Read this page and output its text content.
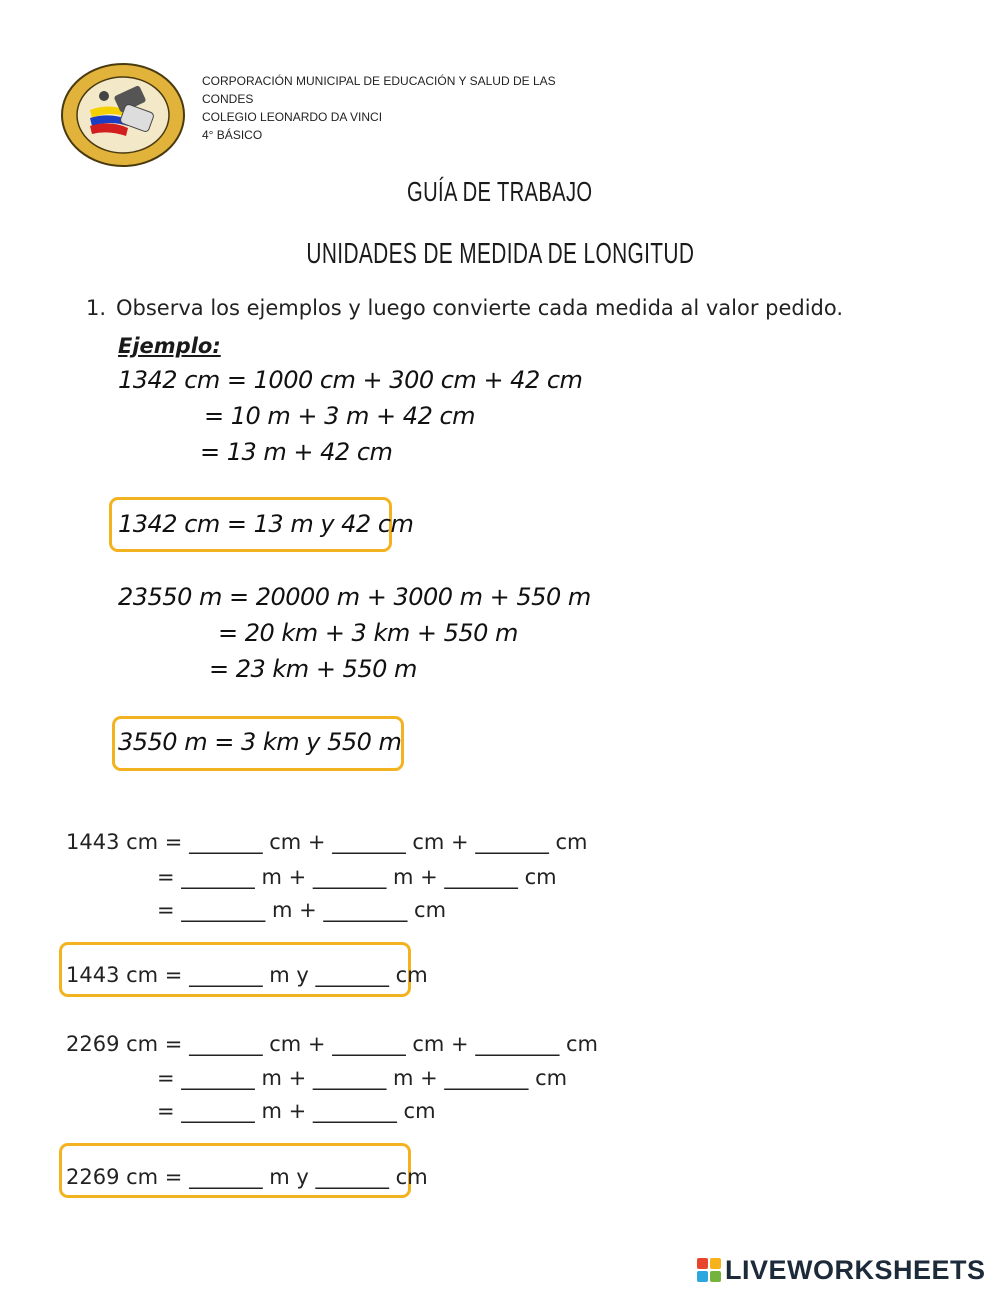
CORPORACIÓN MUNICIPAL DE EDUCACIÓN Y SALUD DE LAS CONDES
COLEGIO LEONARDO DA VINCI
4° BÁSICO
GUÍA DE TRABAJO
UNIDADES DE MEDIDA DE LONGITUD
1. Observa los ejemplos y luego convierte cada medida al valor pedido.
Ejemplo:
1342 cm = 1000 cm + 300 cm + 42 cm
= 10 m + 3 m + 42 cm
= 13 m + 42 cm
1342 cm = 13 m y 42 cm
23550 m = 20000 m + 3000 m + 550 m
= 20 km + 3 km + 550 m
= 23 km + 550 m
3550 m = 3 km y 550 m
1443 cm = _______ cm + _______ cm + _______ cm
= _______ m + _______ m + _______ cm
= ________ m + ________ cm
1443 cm = _______ m y _______ cm
2269 cm = _______ cm + _______ cm + ________ cm
= _______ m + _______ m + ________ cm
= _______ m + ________ cm
2269 cm = _______ m y _______ cm
LIVEWORKSHEETS
